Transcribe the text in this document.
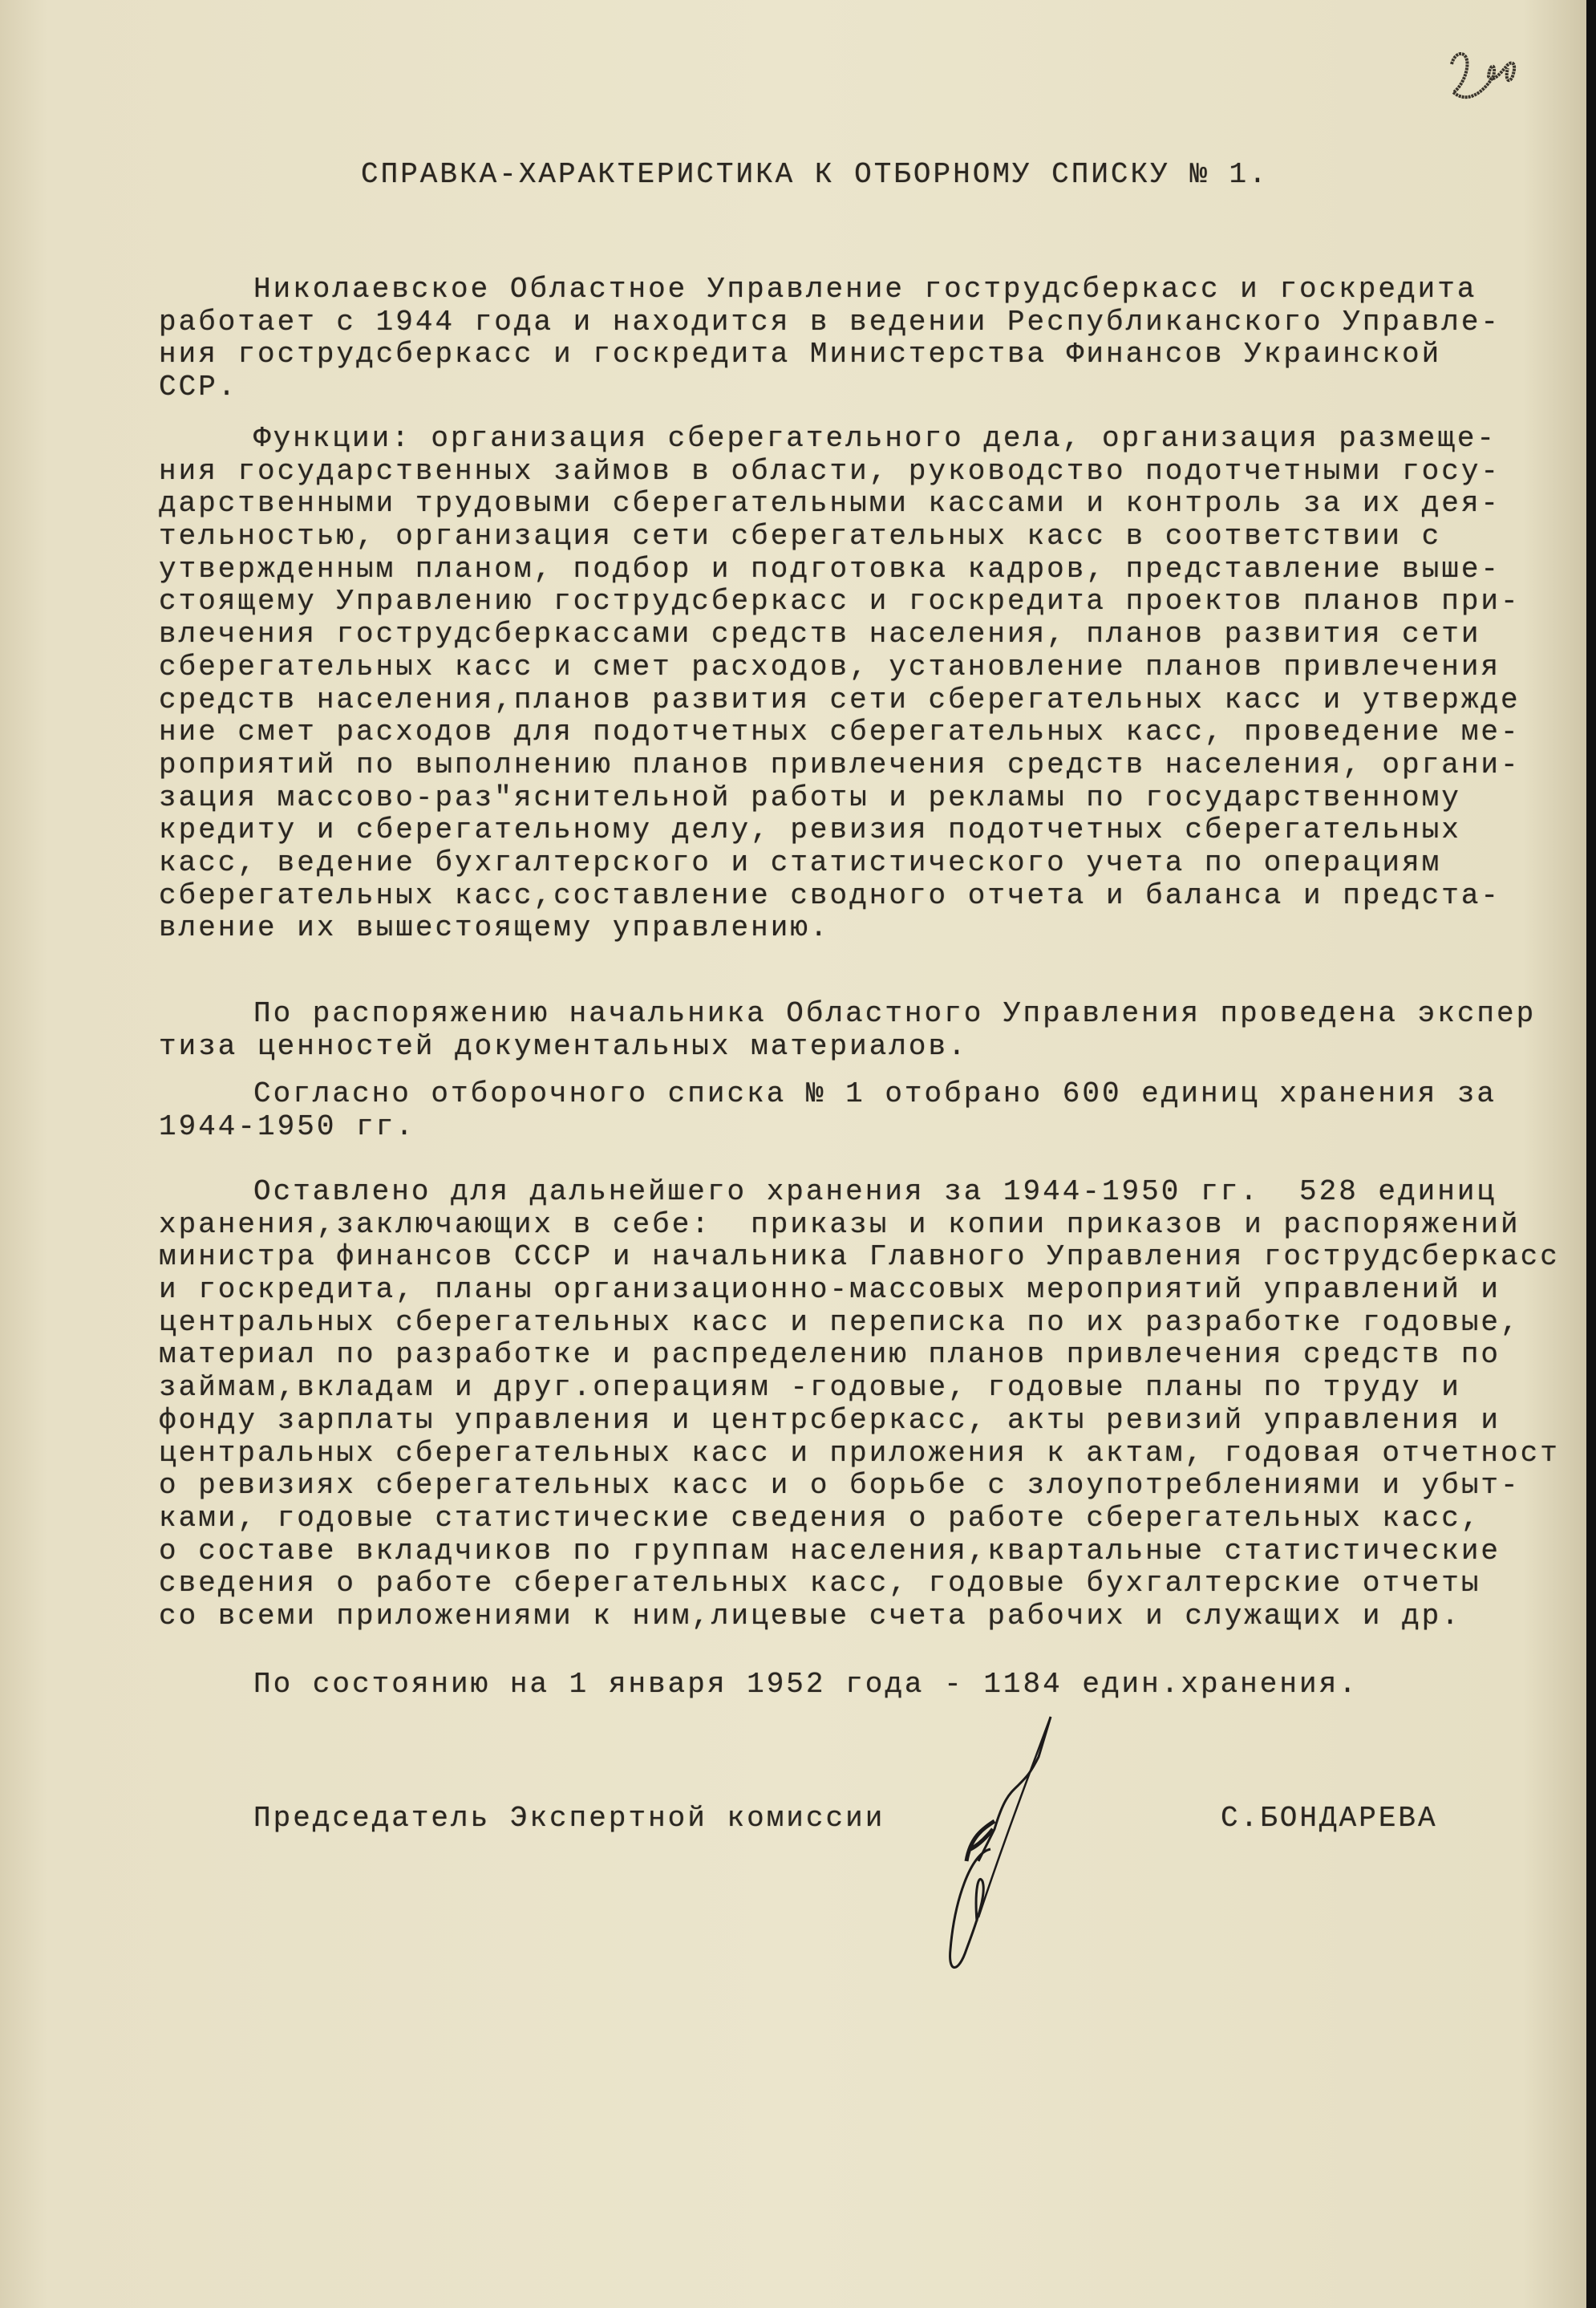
СПРАВКА-ХАРАКТЕРИСТИКА К ОТБОРНОМУ СПИСКУ № 1.
Николаевское Областное Управление гострудсберкасс и госкредита
работает с 1944 года и находится в ведении Республиканского Управле-
ния гострудсберкасс и госкредита Министерства Финансов Украинской
ССР.
Функции: организация сберегательного дела, организация размеще-
ния государственных займов в области, руководство подотчетными госу-
дарственными трудовыми сберегательными кассами и контроль за их дея-
тельностью, организация сети сберегательных касс в соответствии с
утвержденным планом, подбор и подготовка кадров, представление выше-
стоящему Управлению гострудсберкасс и госкредита проектов планов при-
влечения гострудсберкассами средств населения, планов развития сети
сберегательных касс и смет расходов, установление планов привлечения
средств населения,планов развития сети сберегательных касс и утвержде
ние смет расходов для подотчетных сберегательных касс, проведение ме-
роприятий по выполнению планов привлечения средств населения, органи-
зация массово-раз"яснительной работы и рекламы по государственному
кредиту и сберегательному делу, ревизия подотчетных сберегательных
касс, ведение бухгалтерского и статистического учета по операциям
сберегательных касс,составление сводного отчета и баланса и предста-
вление их вышестоящему управлению.
По распоряжению начальника Областного Управления проведена экспер
тиза ценностей документальных материалов.
Согласно отборочного списка № 1 отобрано 600 единиц хранения за
1944-1950 гг.
Оставлено для дальнейшего хранения за 1944-1950 гг.  528 единиц
хранения,заключающих в себе:  приказы и копии приказов и распоряжений
министра финансов СССР и начальника Главного Управления гострудсберкасс
и госкредита, планы организационно-массовых мероприятий управлений и
центральных сберегательных касс и переписка по их разработке годовые,
материал по разработке и распределению планов привлечения средств по
займам,вкладам и друг.операциям -годовые, годовые планы по труду и
фонду зарплаты управления и центрсберкасс, акты ревизий управления и
центральных сберегательных касс и приложения к актам, годовая отчетност
о ревизиях сберегательных касс и о борьбе с злоупотреблениями и убыт-
ками, годовые статистические сведения о работе сберегательных касс,
о составе вкладчиков по группам населения,квартальные статистические
сведения о работе сберегательных касс, годовые бухгалтерские отчеты
со всеми приложениями к ним,лицевые счета рабочих и служащих и др.
По состоянию на 1 января 1952 года - 1184 един.хранения.
Председатель Экспертной комиссии	С.БОНДАРЕВА
